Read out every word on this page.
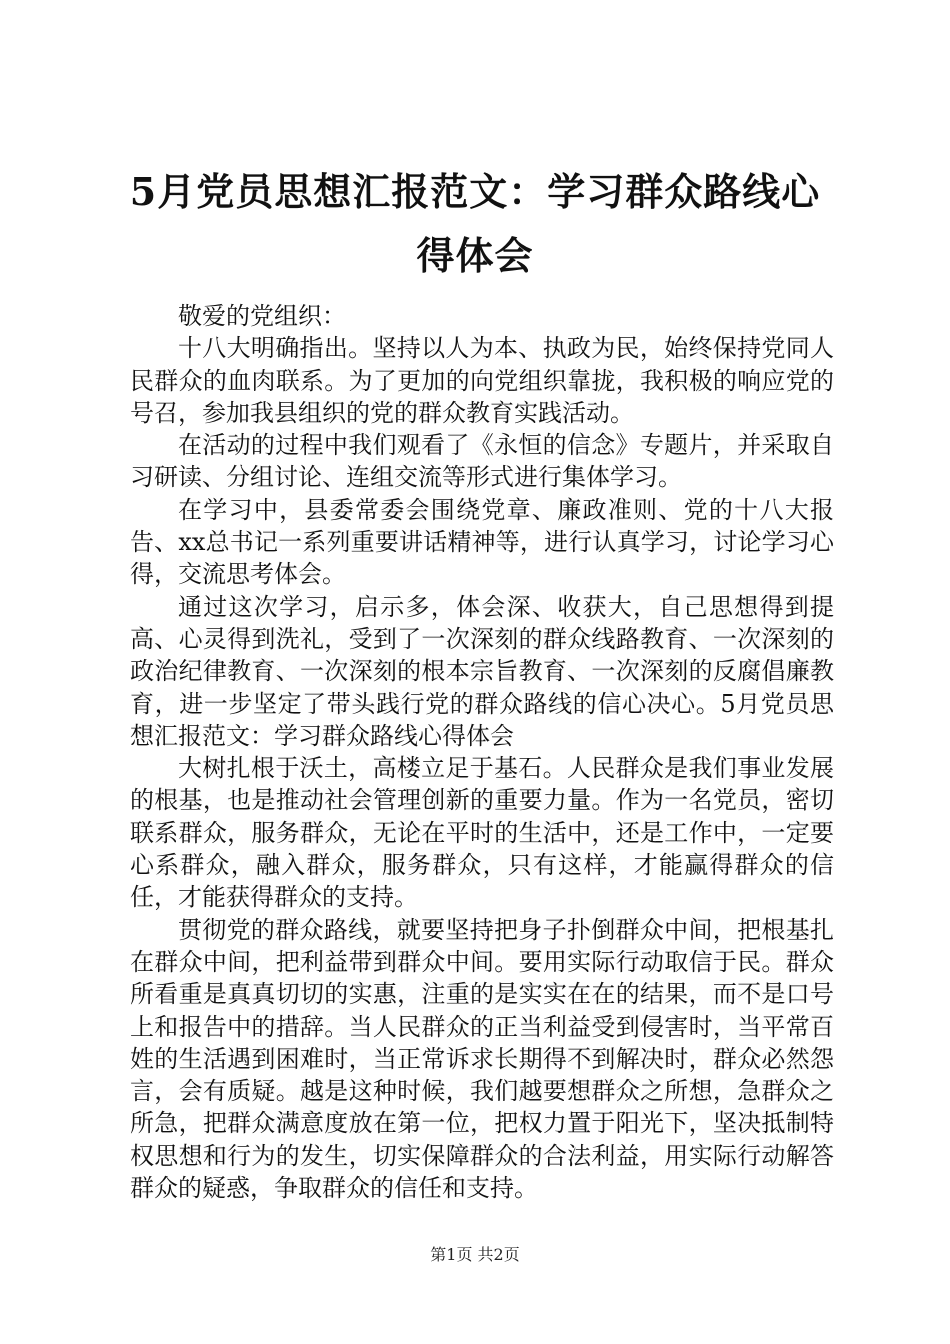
5月党员思想汇报范文：学习群众路线心得体会

敬爱的党组织：

十八大明确指出。坚持以人为本、执政为民，始终保持党同人民群众的血肉联系。为了更加的向党组织靠拢，我积极的响应党的号召，参加我县组织的党的群众教育实践活动。

在活动的过程中我们观看了《永恒的信念》专题片，并采取自习研读、分组讨论、连组交流等形式进行集体学习。

在学习中，县委常委会围绕党章、廉政准则、党的十八大报告、xx总书记一系列重要讲话精神等，进行认真学习，讨论学习心得，交流思考体会。

通过这次学习，启示多，体会深、收获大，自己思想得到提高、心灵得到洗礼，受到了一次深刻的群众线路教育、一次深刻的政治纪律教育、一次深刻的根本宗旨教育、一次深刻的反腐倡廉教育，进一步坚定了带头践行党的群众路线的信心决心。5月党员思想汇报范文：学习群众路线心得体会

大树扎根于沃土，高楼立足于基石。人民群众是我们事业发展的根基，也是推动社会管理创新的重要力量。作为一名党员，密切联系群众，服务群众，无论在平时的生活中，还是工作中，一定要心系群众，融入群众，服务群众，只有这样，才能赢得群众的信任，才能获得群众的支持。

贯彻党的群众路线，就要坚持把身子扑倒群众中间，把根基扎在群众中间，把利益带到群众中间。要用实际行动取信于民。群众所看重是真真切切的实惠，注重的是实实在在的结果，而不是口号上和报告中的措辞。当人民群众的正当利益受到侵害时，当平常百姓的生活遇到困难时，当正常诉求长期得不到解决时，群众必然怨言，会有质疑。越是这种时候，我们越要想群众之所想，急群众之所急，把群众满意度放在第一位，把权力置于阳光下，坚决抵制特权思想和行为的发生，切实保障群众的合法利益，用实际行动解答群众的疑惑，争取群众的信任和支持。

第1页 共2页
